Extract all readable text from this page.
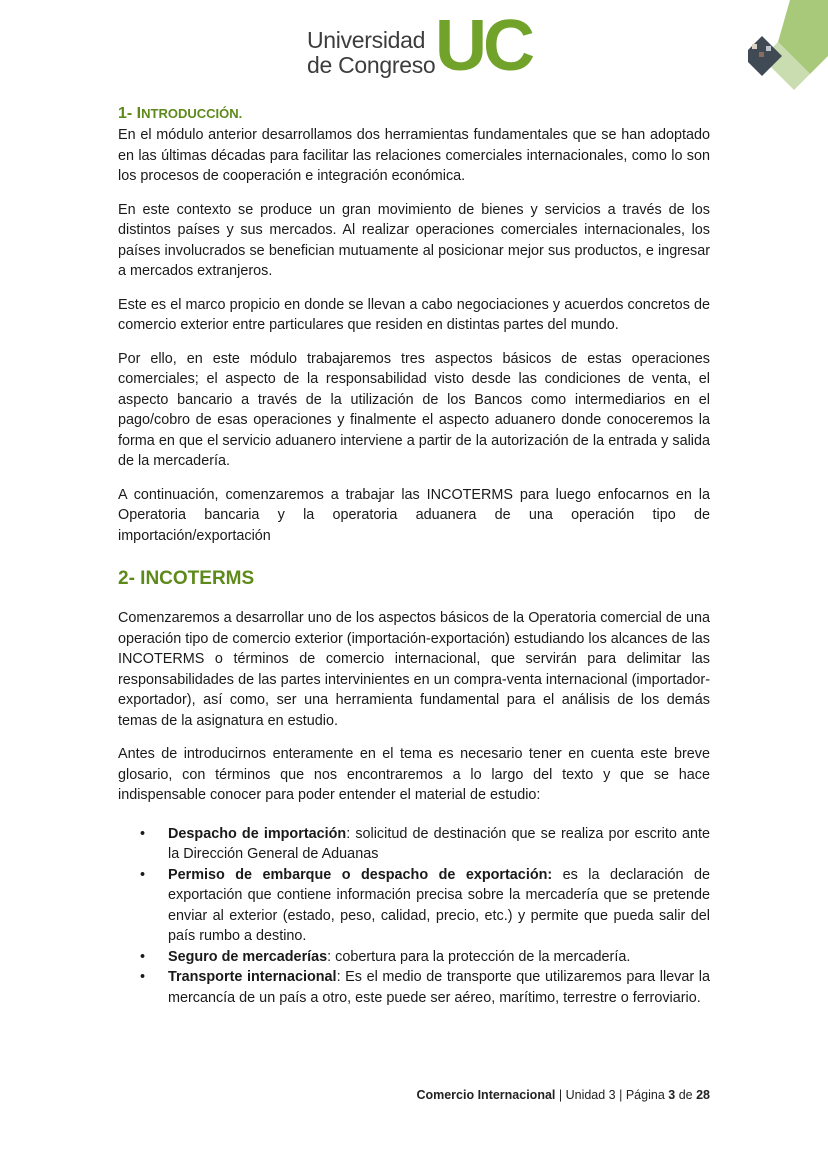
Universidad
de Congreso UC
1- INTRODUCCIÓN.

En el módulo anterior desarrollamos dos herramientas fundamentales que se han adoptado en las últimas décadas para facilitar las relaciones comerciales internacionales, como lo son los procesos de cooperación e integración económica.

En este contexto se produce un gran movimiento de bienes y servicios a través de los distintos países y sus mercados. Al realizar operaciones comerciales internacionales, los países involucrados se benefician mutuamente al posicionar mejor sus productos, e ingresar a mercados extranjeros.

Este es el marco propicio en donde se llevan a cabo negociaciones y acuerdos concretos de comercio exterior entre particulares que residen en distintas partes del mundo.

Por ello, en este módulo trabajaremos tres aspectos básicos de estas operaciones comerciales; el aspecto de la responsabilidad visto desde las condiciones de venta, el aspecto bancario a través de la utilización de los Bancos como intermediarios en el pago/cobro de esas operaciones y finalmente el aspecto aduanero donde conoceremos la forma en que el servicio aduanero interviene a partir de la autorización de la entrada y salida de la mercadería.

A continuación, comenzaremos a trabajar las INCOTERMS para luego enfocarnos en la Operatoria bancaria y la operatoria aduanera de una operación tipo de importación/exportación

2- INCOTERMS

Comenzaremos a desarrollar uno de los aspectos básicos de la Operatoria comercial de una operación tipo de comercio exterior (importación-exportación) estudiando los alcances de las INCOTERMS o términos de comercio internacional, que servirán para delimitar las responsabilidades de las partes intervinientes en un compra-venta internacional (importador-exportador), así como, ser una herramienta fundamental para el análisis de los demás temas de la asignatura en estudio.

Antes de introducirnos enteramente en el tema es necesario tener en cuenta este breve glosario, con términos que nos encontraremos a lo largo del texto y que se hace indispensable conocer para poder entender el material de estudio:

• Despacho de importación: solicitud de destinación que se realiza por escrito ante la Dirección General de Aduanas
• Permiso de embarque o despacho de exportación: es la declaración de exportación que contiene información precisa sobre la mercadería que se pretende enviar al exterior (estado, peso, calidad, precio, etc.) y permite que pueda salir del país rumbo a destino.
• Seguro de mercaderías: cobertura para la protección de la mercadería.
• Transporte internacional: Es el medio de transporte que utilizaremos para llevar la mercancía de un país a otro, este puede ser aéreo, marítimo, terrestre o ferroviario.
Comercio Internacional | Unidad 3 | Página 3 de 28
